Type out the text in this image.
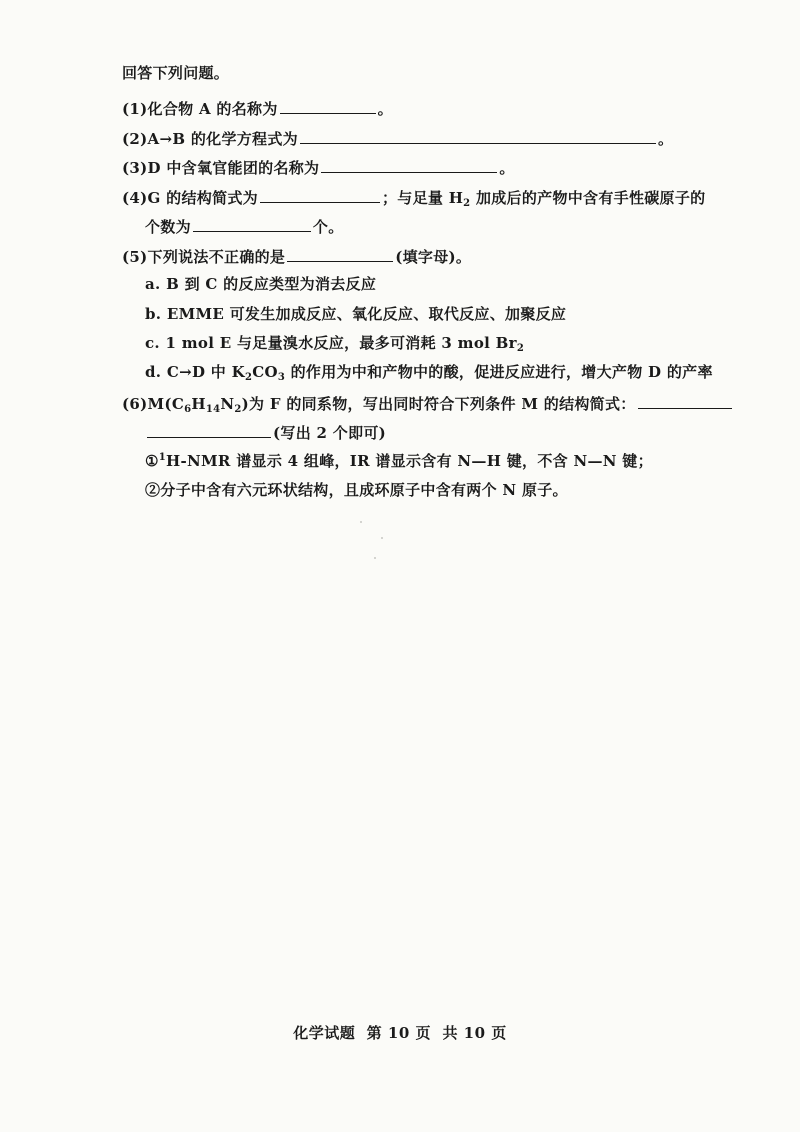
回答下列问题。
(1)化合物 A 的名称为	。
(2)A→B 的化学方程式为	。
(3)D 中含氧官能团的名称为	。
(4)G 的结构简式为	；与足量 $H_2$ 加成后的产物中含有手性碳原子的
个数为	个。
(5)下列说法不正确的是	(填字母)。
a. B 到 C 的反应类型为消去反应
b. EMME 可发生加成反应、氧化反应、取代反应、加聚反应
c. 1 mol E 与足量溴水反应，最多可消耗 3 mol $Br_2$
d. C→D 中 $K_2CO_3$ 的作用为中和产物中的酸，促进反应进行，增大产物 D 的产率
$(6)M(C_6H_{14}N_2)$为 F 的同系物，写出同时符合下列条件 M 的结构简式：
(写出 2 个即可)
①$^1$H-NMR 谱显示 4 组峰，IR 谱显示含有 N—H 键，不含 N—N 键；
②分子中含有六元环状结构，且成环原子中含有两个 N 原子。
化学试题  第 10 页  共 10 页
